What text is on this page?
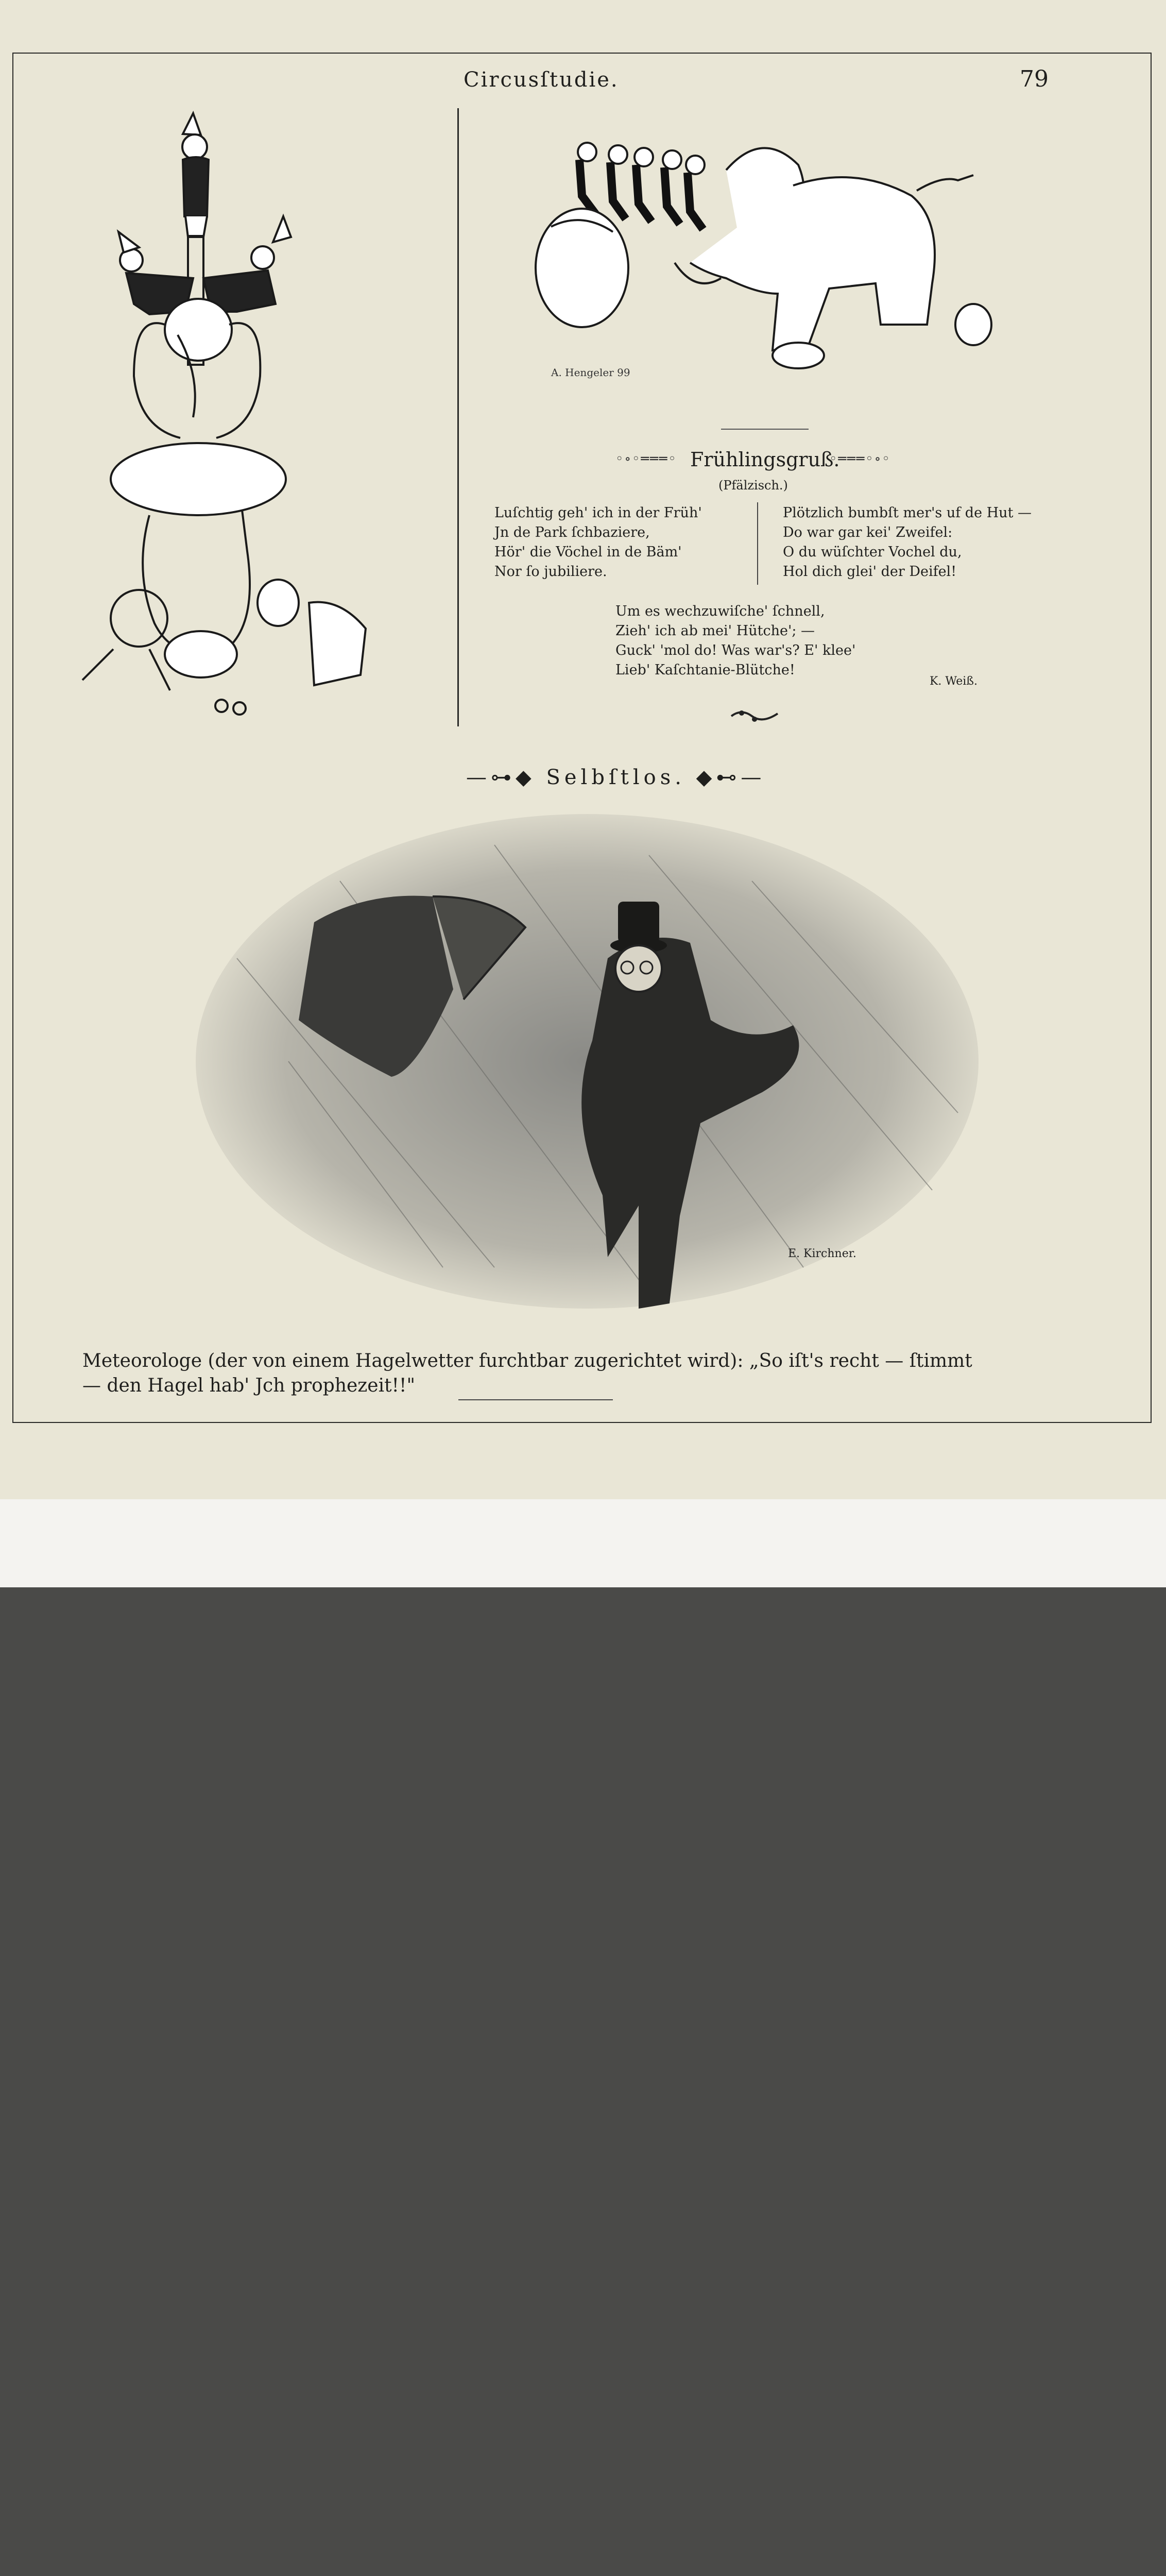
Circusſtudie.	79
A. Hengeler 99
◦∘◦═══◦ Frühlingsgruß.
◦═══◦∘◦
(Pfälzisch.)
Luſchtig geh' ich in der Früh'
Jn de Park ſchbaziere,
Hör' die Vöchel in de Bäm'
Nor ſo jubiliere.
Plötzlich bumbſt mer's uf de Hut —
Do war gar kei' Zweifel:
O du wüſchter Vochel du,
Hol dich glei' der Deifel!
Um es wechzuwiſche' ſchnell,
Zieh' ich ab mei' Hütche'; —
Guck' 'mol do! Was war's? E' klee'
Lieb' Kaſchtanie-Blütche!
K. Weiß.
—⊶◆ Selbſtlos. ◆⊷—
E. Kirchner.
Meteorologe (der von einem Hagelwetter furchtbar zugerichtet wird): „So iſt's recht — ſtimmt — den Hagel hab' Jch prophezeit!!"
